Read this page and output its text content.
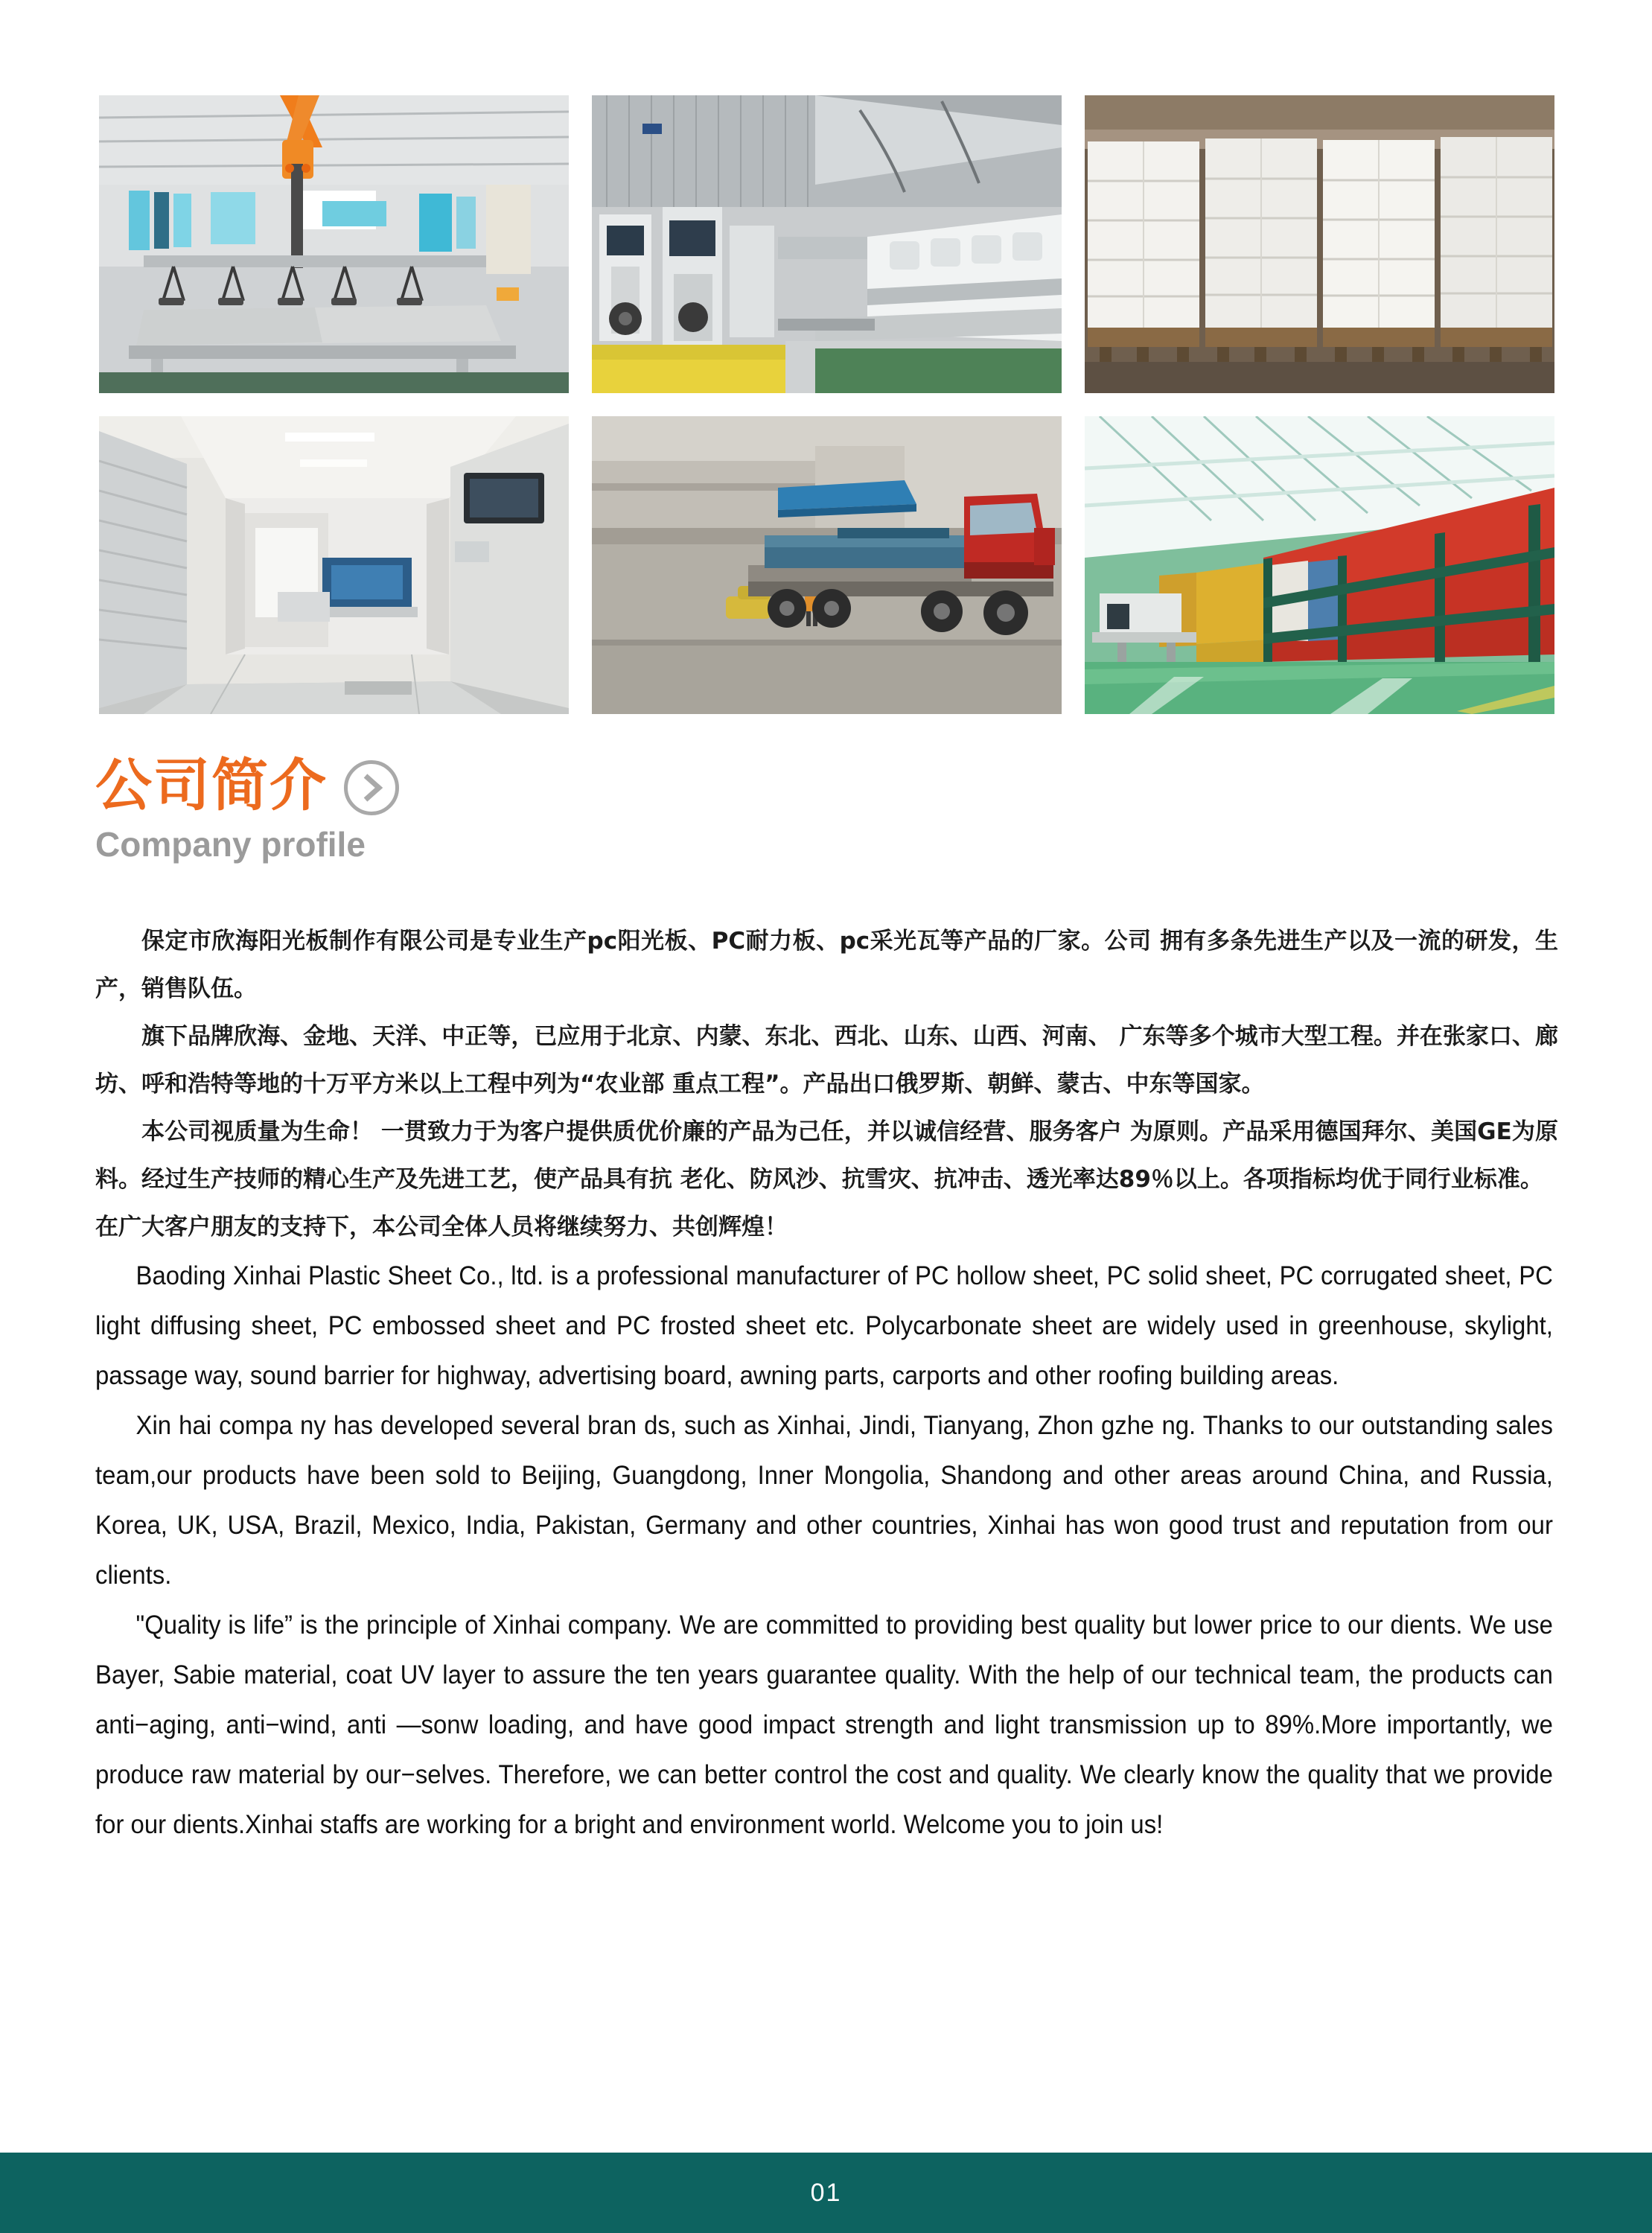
公司简介
Company profile

保定市欣海阳光板制作有限公司是专业生产pc阳光板、PC耐力板、pc采光瓦等产品的厂家。公司 拥有多条先进生产以及一流的研发，生产，销售队伍。

旗下品牌欣海、金地、天洋、中正等，已应用于北京、内蒙、东北、西北、山东、山西、河南、 广东等多个城市大型工程。并在张家口、廊坊、呼和浩特等地的十万平方米以上工程中列为“农业部 重点工程”。产品出口俄罗斯、朝鲜、蒙古、中东等国家。

本公司视质量为生命！ 一贯致力于为客户提供质优价廉的产品为己任，并以诚信经营、服务客户 为原则。产品采用德国拜尔、美国GE为原料。经过生产技师的精心生产及先进工艺，使产品具有抗 老化、防风沙、抗雪灾、抗冲击、透光率达89％以上。各项指标均优于同行业标准。

在广大客户朋友的支持下，本公司全体人员将继续努力、共创辉煌！

Baoding Xinhai Plastic Sheet Co., ltd. is a professional manufacturer of PC hollow sheet, PC solid sheet, PC corrugated sheet, PC light diffusing sheet, PC embossed sheet and PC frosted sheet etc. Polycarbonate sheet are widely used in greenhouse, skylight, passage way, sound barrier for highway, advertising board, awning parts, carports and other roofing building areas.

Xin hai compa ny has developed several bran ds, such as Xinhai, Jindi, Tianyang, Zhon gzhe ng. Thanks to our outstanding sales team,our products have been sold to Beijing, Guangdong, Inner Mongolia, Shandong and other areas around China, and Russia, Korea, UK, USA, Brazil, Mexico, India, Pakistan, Germany and other countries, Xinhai has won good trust and reputation from our clients.

"Quality is life” is the principle of Xinhai company. We are committed to providing best quality but lower price to our dients. We use Bayer, Sabie material, coat UV layer to assure the ten years guarantee quality. With the help of our technical team, the products can anti−aging, anti−wind, anti —sonw loading, and have good impact strength and light transmission up to 89%.More importantly, we produce raw material by our−selves. Therefore, we can better control the cost and quality. We clearly know the quality that we provide for our dients.Xinhai staffs are working for a bright and environment world. Welcome you to join us!

01
